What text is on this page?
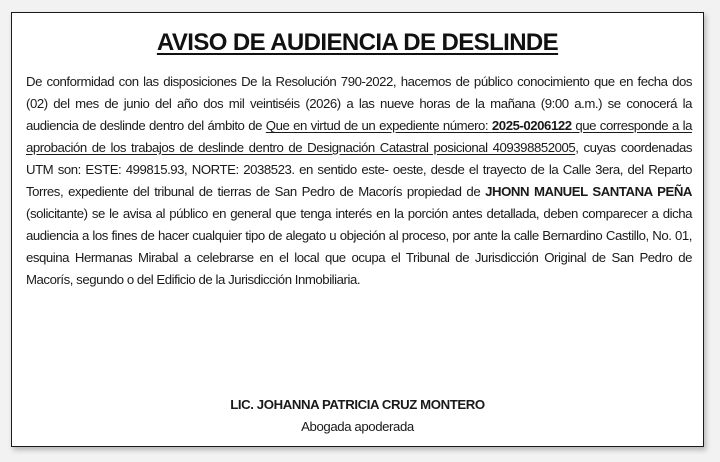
AVISO DE AUDIENCIA DE DESLINDE
De conformidad con las disposiciones De la Resolución 790-2022, hacemos de público conocimiento que en fecha dos (02) del mes de junio del año dos mil veintiséis (2026) a las nueve horas de la mañana (9:00 a.m.) se conocerá la audiencia de deslinde dentro del ámbito de Que en virtud de un expediente número: 2025-0206122 que corresponde a la aprobación de los trabajos de deslinde dentro de Designación Catastral posicional 409398852005, cuyas coordenadas UTM son: ESTE: 499815.93, NORTE: 2038523. en sentido este- oeste, desde el trayecto de la Calle 3era, del Reparto Torres, expediente del tribunal de tierras de San Pedro de Macorís propiedad de JHONN MANUEL SANTANA PEÑA (solicitante) se le avisa al público en general que tenga interés en la porción antes detallada, deben comparecer a dicha audiencia a los fines de hacer cualquier tipo de alegato u objeción al proceso, por ante la calle Bernardino Castillo, No. 01, esquina Hermanas Mirabal a celebrarse en el local que ocupa el Tribunal de Jurisdicción Original de San Pedro de Macorís, segundo o del Edificio de la Jurisdicción Inmobiliaria.
LIC. JOHANNA PATRICIA CRUZ MONTERO
Abogada apoderada
